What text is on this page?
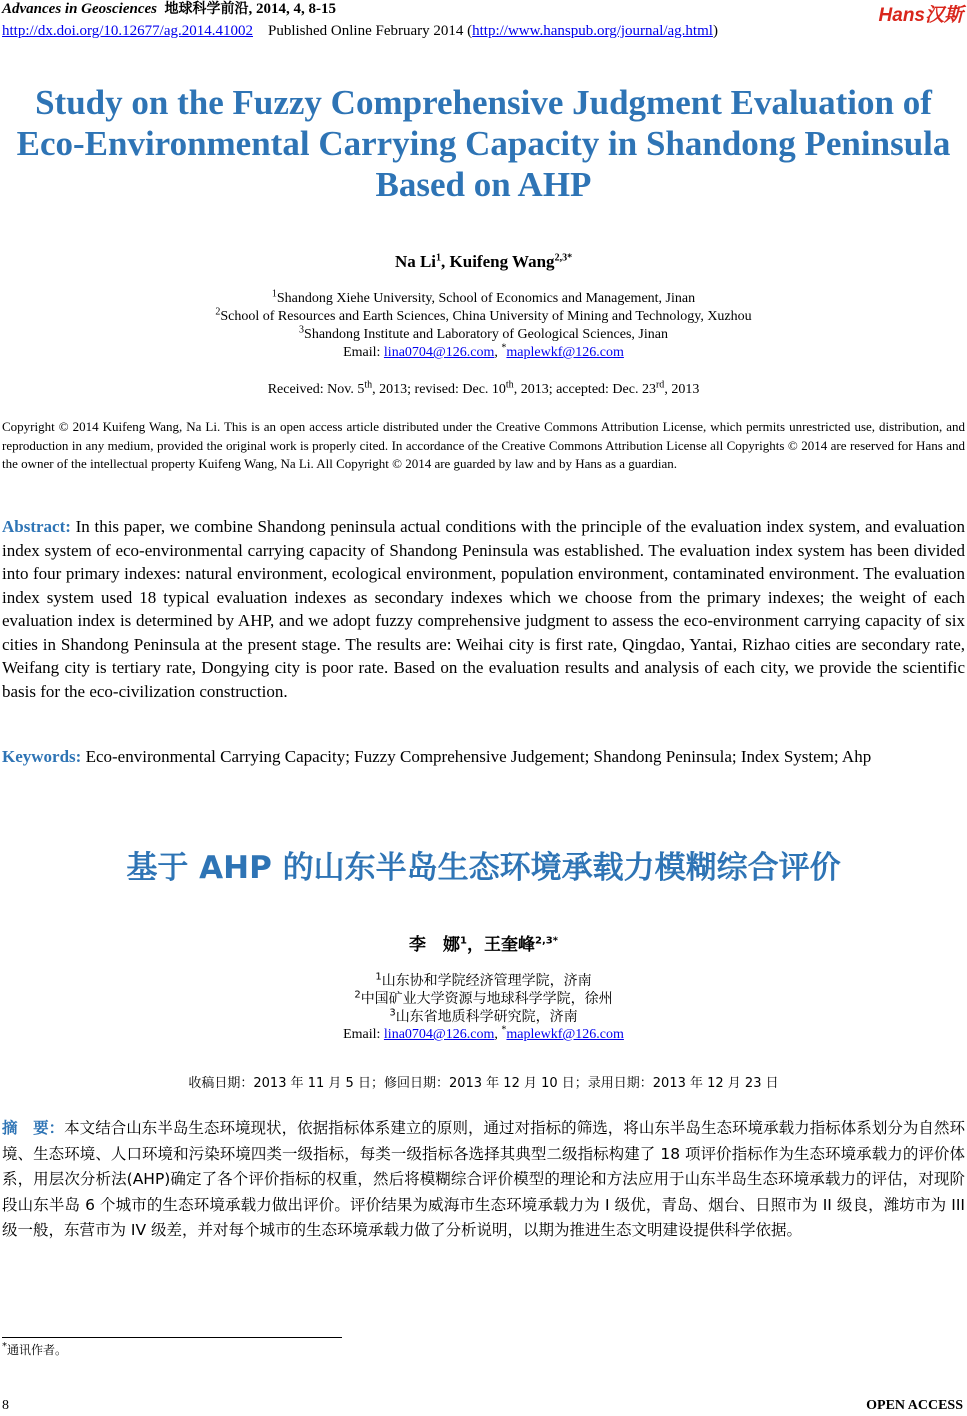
Advances in Geosciences 地球科学前沿, 2014, 4, 8-15	Hans汉斯
http://dx.doi.org/10.12677/ag.2014.41002 Published Online February 2014 (http://www.hanspub.org/journal/ag.html)
Study on the Fuzzy Comprehensive Judgment Evaluation of
Eco-Environmental Carrying Capacity in Shandong Peninsula
Based on AHP
Na Li$^1$, Kuifeng Wang$^{2,3*}$
$^1$Shandong Xiehe University, School of Economics and Management, Jinan
$^2$School of Resources and Earth Sciences, China University of Mining and Technology, Xuzhou
$^3$Shandong Institute and Laboratory of Geological Sciences, Jinan
Email: lina0704@126.com, *maplewkf@126.com
Received: Nov. 5th, 2013; revised: Dec. 10th, 2013; accepted: Dec. 23rd, 2013
Copyright © 2014 Kuifeng Wang, Na Li. This is an open access article distributed under the Creative Commons Attribution License, which permits unrestricted use, distribution, and reproduction in any medium, provided the original work is properly cited. In accordance of the Creative Commons Attribution License all Copyrights © 2014 are reserved for Hans and the owner of the intellectual property Kuifeng Wang, Na Li. All Copyright © 2014 are guarded by law and by Hans as a guardian.
Abstract: In this paper, we combine Shandong peninsula actual conditions with the principle of the evaluation index system, and evaluation index system of eco-environmental carrying capacity of Shandong Peninsula was established. The evaluation index system has been divided into four primary indexes: natural environment, ecological environment, population environment, contaminated environment. The evaluation index system used 18 typical evaluation indexes as secondary indexes which we choose from the primary indexes; the weight of each evaluation index is determined by AHP, and we adopt fuzzy comprehensive judgment to assess the eco-environment carrying capacity of six cities in Shandong Peninsula at the present stage. The results are: Weihai city is first rate, Qingdao, Yantai, Rizhao cities are secondary rate, Weifang city is tertiary rate, Dongying city is poor rate. Based on the evaluation results and analysis of each city, we provide the scientific basis for the eco-civilization construction.
Keywords: Eco-environmental Carrying Capacity; Fuzzy Comprehensive Judgement; Shandong Peninsula; Index System; Ahp
基于 AHP 的山东半岛生态环境承载力模糊综合评价
李　娜$^1$，王奎峰$^{2,3*}$
$^1$山东协和学院经济管理学院，济南
$^2$中国矿业大学资源与地球科学学院，徐州
$^3$山东省地质科学研究院，济南
Email: lina0704@126.com, *maplewkf@126.com
收稿日期：2013 年 11 月 5 日；修回日期：2013 年 12 月 10 日；录用日期：2013 年 12 月 23 日
摘　要：本文结合山东半岛生态环境现状，依据指标体系建立的原则，通过对指标的筛选，将山东半岛生态环境承载力指标体系划分为自然环境、生态环境、人口环境和污染环境四类一级指标，每类一级指标各选择其典型二级指标构建了 18 项评价指标作为生态环境承载力的评价体系，用层次分析法(AHP)确定了各个评价指标的权重，然后将模糊综合评价模型的理论和方法应用于山东半岛生态环境承载力的评估，对现阶段山东半岛 6 个城市的生态环境承载力做出评价。评价结果为威海市生态环境承载力为 I 级优，青岛、烟台、日照市为 II 级良，潍坊市为 III 级一般，东营市为 IV 级差，并对每个城市的生态环境承载力做了分析说明，以期为推进生态文明建设提供科学依据。
*通讯作者。
8	OPEN ACCESS
